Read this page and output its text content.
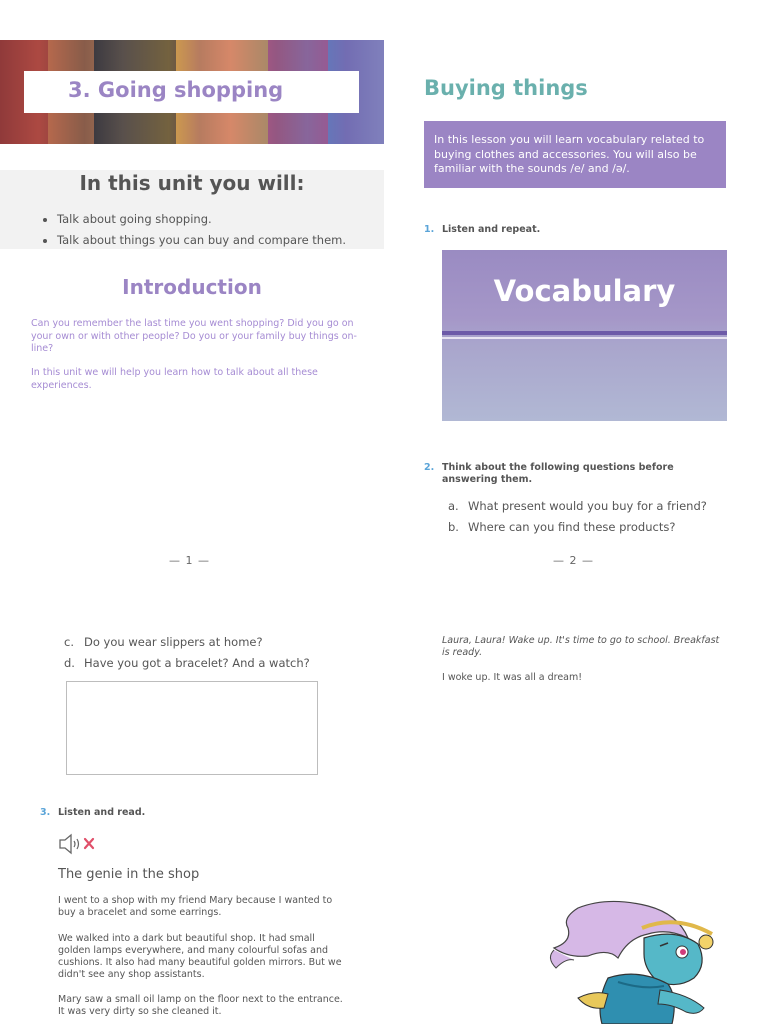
3. Going shopping
In this unit you will:
• Talk about going shopping.
• Talk about things you can buy and compare them.
Introduction
Can you remember the last time you went shopping? Did you go on your own or with other people? Do you or your family buy things on-line?
In this unit we will help you learn how to talk about all these experiences.
— 1 —
Buying things
In this lesson you will learn vocabulary related to buying clothes and accessories. You will also be familiar with the sounds /e/ and /ə/.
1. Listen and repeat.
Vocabulary
2. Think about the following questions before answering them.
a. What present would you buy for a friend?
b. Where can you find these products?
— 2 —
c. Do you wear slippers at home?
d. Have you got a bracelet? And a watch?
3. Listen and read.
The genie in the shop
I went to a shop with my friend Mary because I wanted to buy a bracelet and some earrings.
We walked into a dark but beautiful shop. It had small golden lamps everywhere, and many colourful sofas and cushions. It also had many beautiful golden mirrors. But we didn't see any shop assistants.
Mary saw a small oil lamp on the floor next to the entrance. It was very dirty so she cleaned it.
Laura, Laura! Wake up. It's time to go to school. Breakfast is ready.
I woke up. It was all a dream!
